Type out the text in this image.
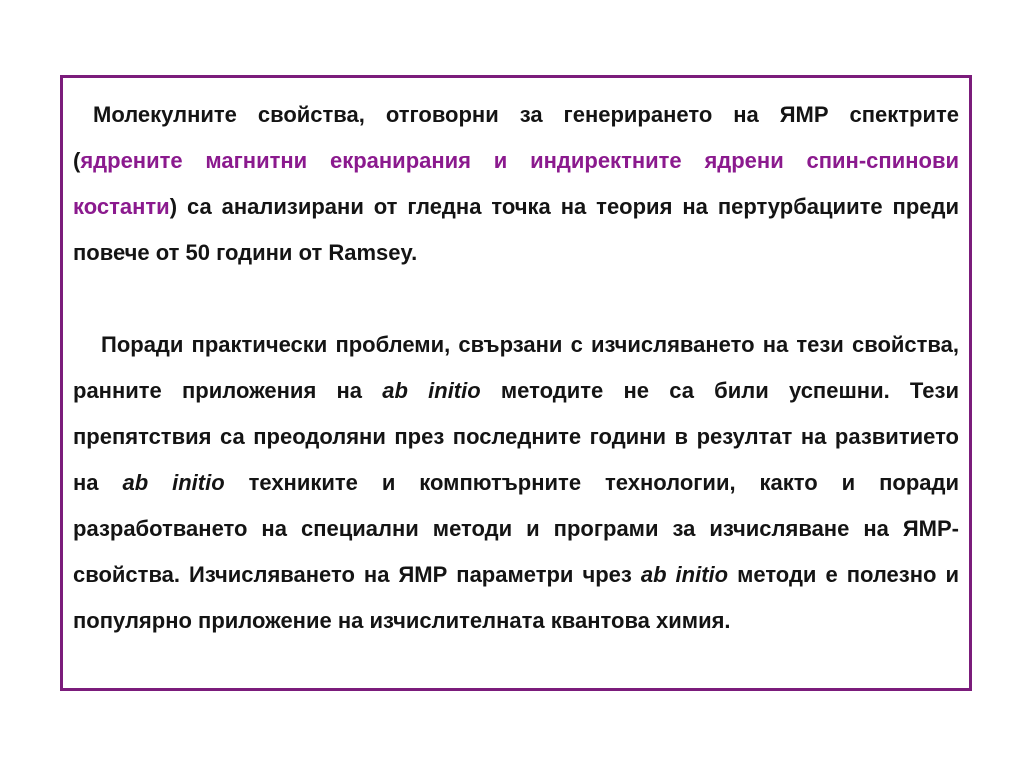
Молекулните свойства, отговорни за генерирането на ЯМР спектрите (ядрените магнитни екранирания и индиректните ядрени спин-спинови костанти) са анализирани от гледна точка на теория на пертурбациите преди повече от 50 години от Ramsey.

Поради практически проблеми, свързани с изчисляването на тези свойства, ранните приложения на ab initio методите не са били успешни. Тези препятствия са преодоляни през последните години в резултат на развитието на ab initio техниките и компютърните технологии, както и поради разработването на специални методи и програми за изчисляване на ЯМР-свойства. Изчисляването на ЯМР параметри чрез ab initio методи е полезно и популярно приложение на изчислителната квантова химия.
